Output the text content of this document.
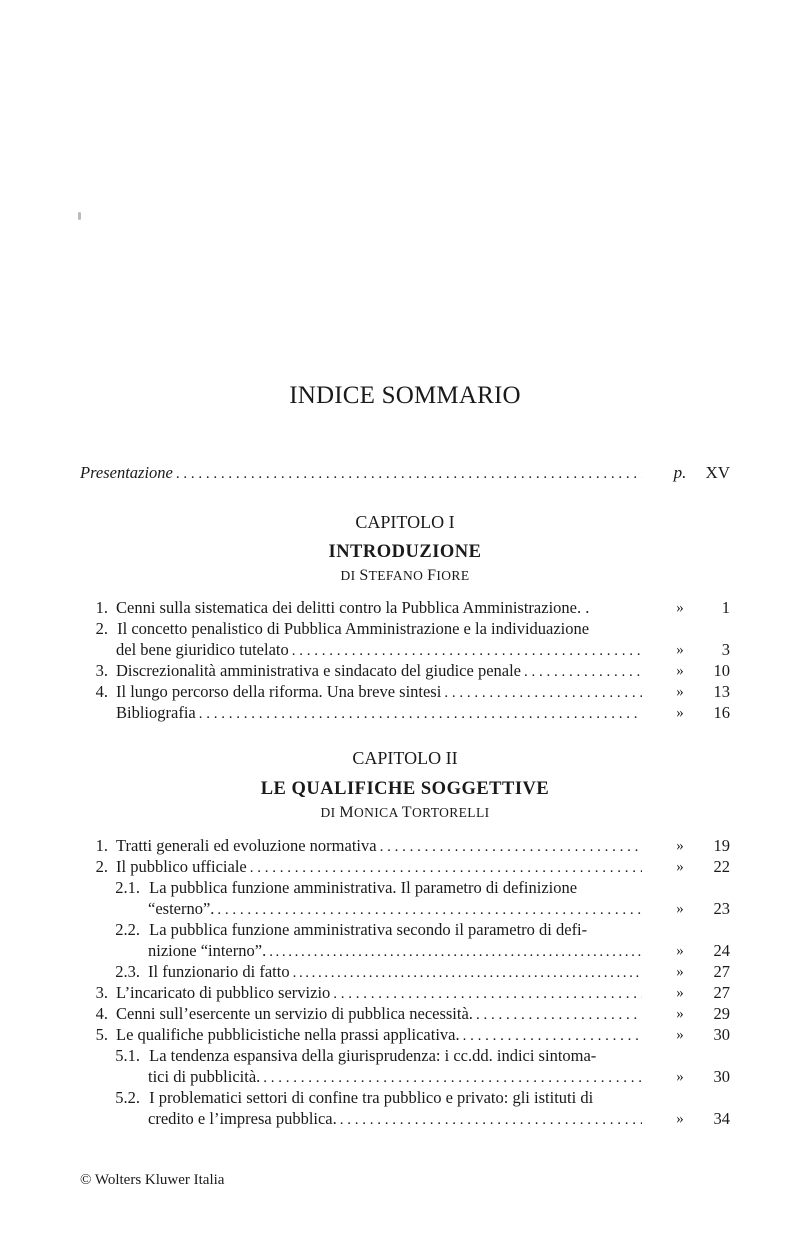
INDICE SOMMARIO
Presentazione . . .	p.	XV
CAPITOLO I
INTRODUZIONE
DI STEFANO FIORE
1. Cenni sulla sistematica dei delitti contro la Pubblica Amministrazione. .	»	1
2. Il concetto penalistico di Pubblica Amministrazione e la individuazione
del bene giuridico tutelato . . .	»	3
3. Discrezionalità amministrativa e sindacato del giudice penale . . .	»	10
4. Il lungo percorso della riforma. Una breve sintesi . . .	»	13
Bibliografia . . .	»	16
CAPITOLO II
LE QUALIFICHE SOGGETTIVE
DI MONICA TORTORELLI
1. Tratti generali ed evoluzione normativa . . .	»	19
2. Il pubblico ufficiale . . .	»	22
2.1. La pubblica funzione amministrativa. Il parametro di definizione
“esterno”. . . .	»	23
2.2. La pubblica funzione amministrativa secondo il parametro di defi-
nizione “interno”. .....	»	24
2.3. Il funzionario di fatto .....	»	27
3. L’incaricato di pubblico servizio . . .	»	27
4. Cenni sull’esercente un servizio di pubblica necessità. . . .	»	29
5. Le qualifiche pubblicistiche nella prassi applicativa. . . .	»	30
5.1. La tendenza espansiva della giurisprudenza: i cc.dd. indici sintoma-
tici di pubblicità. . . .	»	30
5.2. I problematici settori di confine tra pubblico e privato: gli istituti di
credito e l’impresa pubblica. . . .	»	34
© Wolters Kluwer Italia
